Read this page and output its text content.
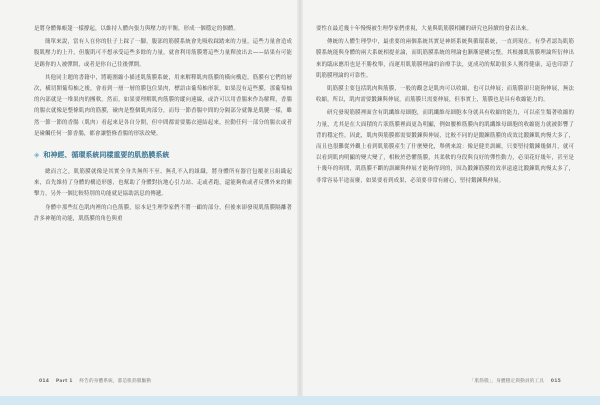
是將身體像帳篷一樣撐起，以維持人體內張力與壓力的平衡，形成一個穩定的個體。

簡單來說，當有人在你的肚子上踩了一腳，腹部的筋膜系統會先吸收踩踏來的力量，這些力量會造成腹肌壓力的上升，但腹肌可不想承受這些多餘的力量，就會利用筋膜將這些力量釋放出去——結果有可能是踢你的人被彈開，或者是你自己往後彈開。

其他同主題的書籍中，將範圍縮小描述肌筋膜系統，用來解釋肌肉筋膜的橫向構造，筋膜有它們的層次，橫切開葡萄柚之後，會看到一層一層的膜包住果肉，標語由葡萄柚形狀，如果沒有這些膜，那葡萄柚的內部就是一堆果肉的團軟。然而，如果要理解肌肉筋膜的縱向連線，或許可以用香腸來作為解釋，香腸的腸衣就像是整條肌肉的筋膜，碰肉是整個肌肉部分，而每一節香腸中間的分隔部分就像是肌腱一樣，雖然一節一節的香腸（肌肉）看起來是各自分開，但中間都需要腸衣連結起來，拉動任何一部分的腸衣或者是碰觸任何一節香腸，都會讓整條香腸的形狀改變。

◈ 和神經、循環系統同樣重要的肌筋膜系統

總而言之，肌筋膜就像是其實全身共無所不至、無孔不入的組織，將身體所有器官包覆並且組織起來，首先維持了身體的構造形態，也幫助了身體對抗地心引力站、走或者跑，還能夠收或者反彈外來的衝擊力，另外一個比較特別的功能就是協助訊息的傳遞。

身體中那些紅色肌肉裡的白色筋膜，原本是生理學家們不將一顧的部分，但後來卻發現肌筋膜隔離著許多神秘的功能，肌筋膜的角色與重

要性在最近幾十年慢慢被生理學家們重視，大量與肌筋膜相關的研究也陸續的發表出來。

傳統的人體生理學中，最重要的兩個系統其實是神經系統與循環系統，一直到現在，有學者認為肌筋膜系統能與身體的兩大系統相提並論，而肌筋膜系統的理論也漸漸建構完整，其根據肌筋膜理論所衍伸出來的臨床應用也是不勝枚舉，而運用肌筋膜理論的治療手法，更成功的幫助很多人獲得健康，這也印證了肌筋膜理論的可靠性。

肌筋膜主要包括肌肉與筋膜，一般的觀念是肌肉可以收縮，也可以伸展；而筋膜卻只能夠伸展，無法收縮，所以，肌肉需要鍛鍊與伸展，而筋膜只需要伸展，但事實上，筋膜也是具有收縮能力的。

研究發現筋膜裡面含有肌纖維母細胞，而肌纖維母細胞本身就具有收縮的能力，可以產生類著收縮的力量，尤其是在大面積的片狀筋膜裡面更為明顯，例如腰椎筋膜內的肌纖維母細胞的收縮能力就被影響了背的穩定性。因此，肌肉與筋膜都需要鍛鍊與伸展，比較不同的是鍛鍊筋膜的成效比鍛鍊肌肉慢大多了，而且也很難從外觀上看到肌筋膜產生了什麼變化，舉例來說：像是健美訓練，只要堅持鍛鍊幾個月，就可以看到肌肉明顯的變大變了，相較於恐懼筋膜，其柔軟的身段與良好的彈性動力，必須花好幾年，甚至是十幾年的時間，肌筋膜不斷的訓練與伸展才能夠得到的，因為鍛鍊筋膜的效率遠遠比鍛鍊肌肉慢太多了，非常容易半途而廢，如果要看到成果，必須要非常有耐心，堅持鍛鍊與伸展。

014 Part 1 終告的身體系統，都是肌筋膜驅動	「肌筋膜」，身體穩定與動員的工具 015
